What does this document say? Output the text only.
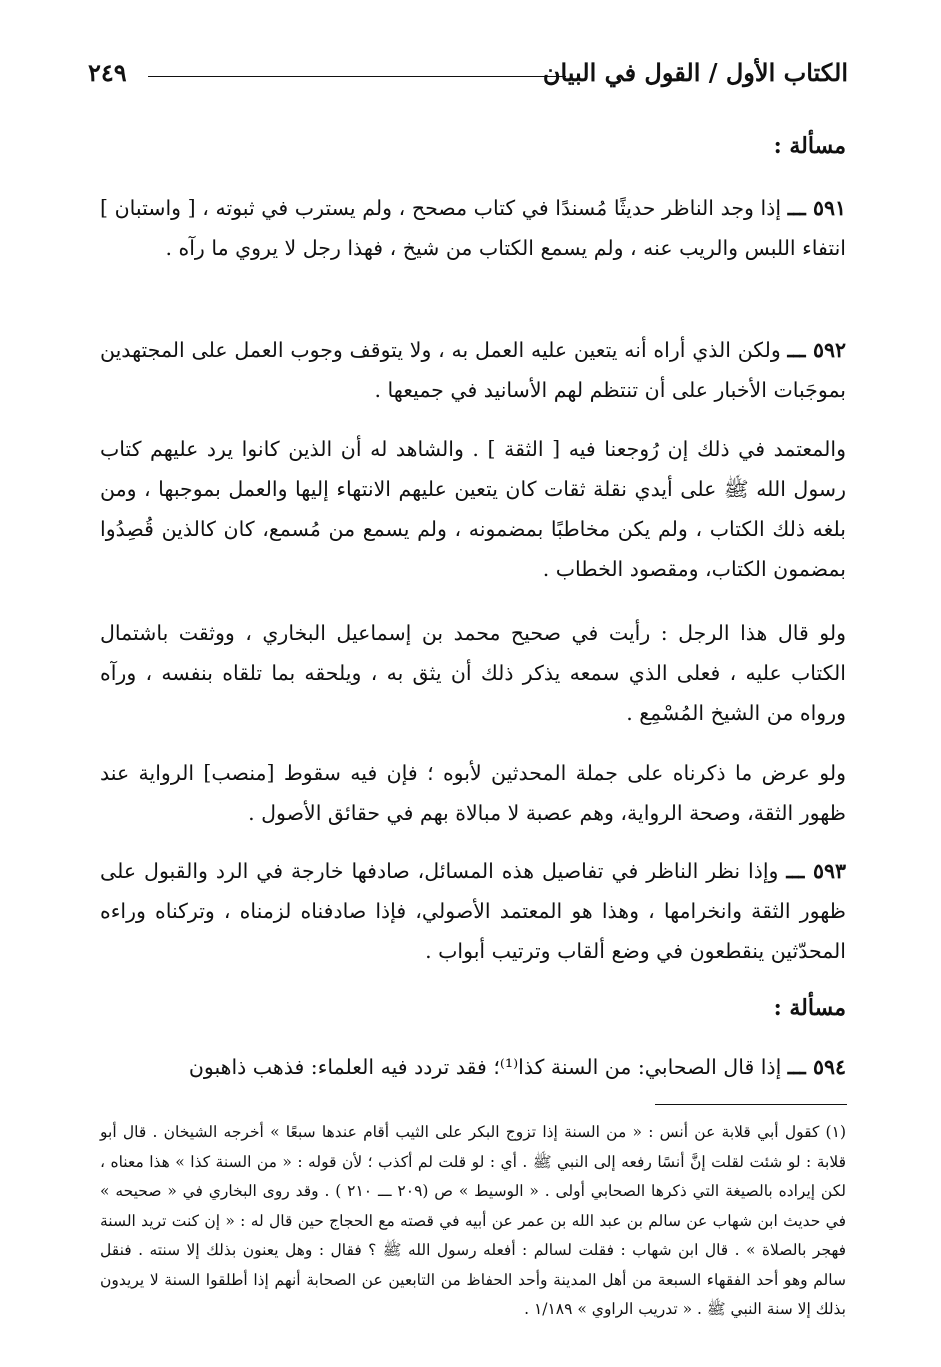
الكتاب الأول / القول في البيان
٢٤٩
مسألة :

٥٩١ ـــ إذا وجد الناظر حديثًا مُسندًا في كتاب مصحح ، ولم يسترب في ثبوته ، [ واستبان ] انتفاء اللبس والريب عنه ، ولم يسمع الكتاب من شيخ ، فهذا رجل لا يروي ما رآه .

٥٩٢ ـــ ولكن الذي أراه أنه يتعين عليه العمل به ، ولا يتوقف وجوب العمل على المجتهدين بموجَبات الأخبار على أن تنتظم لهم الأسانيد في جميعها .

والمعتمد في ذلك إن رُوجعنا فيه [ الثقة ] . والشاهد له أن الذين كانوا يرد عليهم كتاب رسول الله ﷺ على أيدي نقلة ثقات كان يتعين عليهم الانتهاء إليها والعمل بموجبها ، ومن بلغه ذلك الكتاب ، ولم يكن مخاطبًا بمضمونه ، ولم يسمع من مُسمع، كان كالذين قُصِدُوا بمضمون الكتاب، ومقصود الخطاب .

ولو قال هذا الرجل : رأيت في صحيح محمد بن إسماعيل البخاري ، ووثقت باشتمال الكتاب عليه ، فعلى الذي سمعه يذكر ذلك أن يثق به ، ويلحقه بما تلقاه بنفسه ، ورآه ورواه من الشيخ المُسْمِع .

ولو عرض ما ذكرناه على جملة المحدثين لأبوه ؛ فإن فيه سقوط [منصب] الرواية عند ظهور الثقة، وصحة الرواية، وهم عصبة لا مبالاة بهم في حقائق الأصول .

٥٩٣ ـــ وإذا نظر الناظر في تفاصيل هذه المسائل، صادفها خارجة في الرد والقبول على ظهور الثقة وانخرامها ، وهذا هو المعتمد الأصولي، فإذا صادفناه لزمناه ، وتركناه وراءه المحدّثين ينقطعون في وضع ألقاب وترتيب أبواب .

مسألة :

٥٩٤ ـــ إذا قال الصحابي: من السنة كذا⁽¹⁾؛ فقد تردد فيه العلماء: فذهب ذاهبون

(١) كقول أبي قلابة عن أنس : « من السنة إذا تزوج البكر على الثيب أقام عندها سبعًا » أخرجه الشيخان . قال أبو قلابة : لو شئت لقلت إنَّ أنسًا رفعه إلى النبي ﷺ . أي : لو قلت لم أكذب ؛ لأن قوله : « من السنة كذا » هذا معناه ، لكن إيراده بالصيغة التي ذكرها الصحابي أولى . « الوسيط » ص (٢٠٩ ـــ ٢١٠ ) . وقد روى البخاري في « صحيحه » في حديث ابن شهاب عن سالم بن عبد الله بن عمر عن أبيه في قصته مع الحجاج حين قال له : « إن كنت تريد السنة فهجر بالصلاة » . قال ابن شهاب : فقلت لسالم : أفعله رسول الله ﷺ ؟ فقال : وهل يعنون بذلك إلا سنته . فنقل سالم وهو أحد الفقهاء السبعة من أهل المدينة وأحد الحفاظ من التابعين عن الصحابة أنهم إذا أطلقوا السنة لا يريدون بذلك إلا سنة النبي ﷺ . « تدريب الراوي » ١/١٨٩ .
